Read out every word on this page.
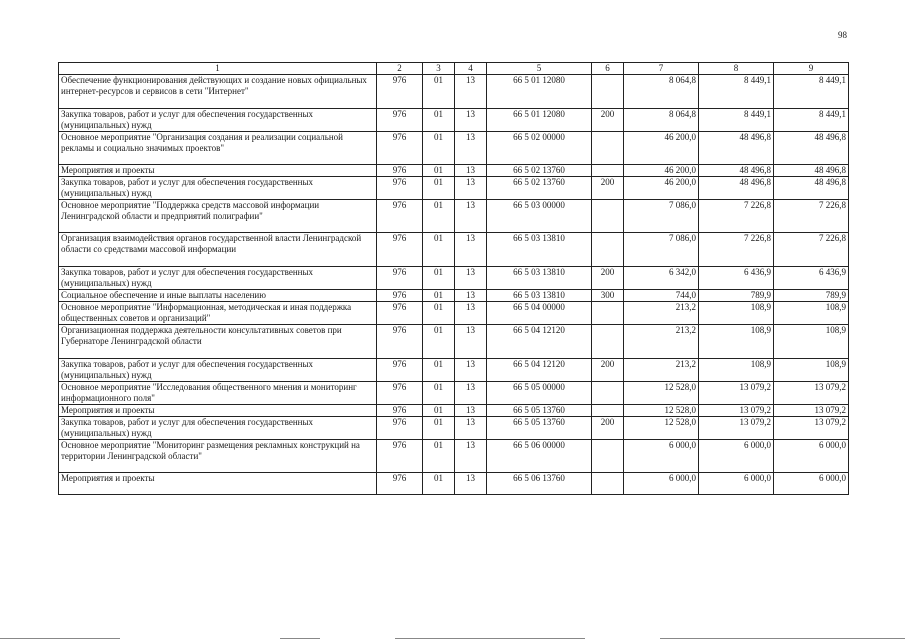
98
1	2	3	4	5	6	7	8	9
Обеспечение функционирования действующих и создание новых официальных интернет-ресурсов и сервисов в сети "Интернет"	976	01	13	66 5 01 12080		8 064,8	8 449,1	8 449,1
Закупка товаров, работ и услуг для обеспечения государственных (муниципальных) нужд	976	01	13	66 5 01 12080	200	8 064,8	8 449,1	8 449,1
Основное мероприятие "Организация создания и реализации социальной рекламы и социально значимых проектов"	976	01	13	66 5 02 00000		46 200,0	48 496,8	48 496,8
Мероприятия и проекты	976	01	13	66 5 02 13760		46 200,0	48 496,8	48 496,8
Закупка товаров, работ и услуг для обеспечения государственных (муниципальных) нужд	976	01	13	66 5 02 13760	200	46 200,0	48 496,8	48 496,8
Основное мероприятие "Поддержка средств массовой информации Ленинградской области и предприятий полиграфии"	976	01	13	66 5 03 00000		7 086,0	7 226,8	7 226,8
Организация взаимодействия органов государственной власти Ленинградской области со средствами массовой информации	976	01	13	66 5 03 13810		7 086,0	7 226,8	7 226,8
Закупка товаров, работ и услуг для обеспечения государственных (муниципальных) нужд	976	01	13	66 5 03 13810	200	6 342,0	6 436,9	6 436,9
Социальное обеспечение и иные выплаты населению	976	01	13	66 5 03 13810	300	744,0	789,9	789,9
Основное мероприятие "Информационная, методическая и иная поддержка общественных советов и организаций"	976	01	13	66 5 04 00000		213,2	108,9	108,9
Организационная поддержка деятельности консультативных советов при Губернаторе Ленинградской области	976	01	13	66 5 04 12120		213,2	108,9	108,9
Закупка товаров, работ и услуг для обеспечения государственных (муниципальных) нужд	976	01	13	66 5 04 12120	200	213,2	108,9	108,9
Основное мероприятие "Исследования общественного мнения и мониторинг информационного поля"	976	01	13	66 5 05 00000		12 528,0	13 079,2	13 079,2
Мероприятия и проекты	976	01	13	66 5 05 13760		12 528,0	13 079,2	13 079,2
Закупка товаров, работ и услуг для обеспечения государственных (муниципальных) нужд	976	01	13	66 5 05 13760	200	12 528,0	13 079,2	13 079,2
Основное мероприятие "Мониторинг размещения рекламных конструкций на территории Ленинградской области"	976	01	13	66 5 06 00000		6 000,0	6 000,0	6 000,0
Мероприятия и проекты	976	01	13	66 5 06 13760		6 000,0	6 000,0	6 000,0
